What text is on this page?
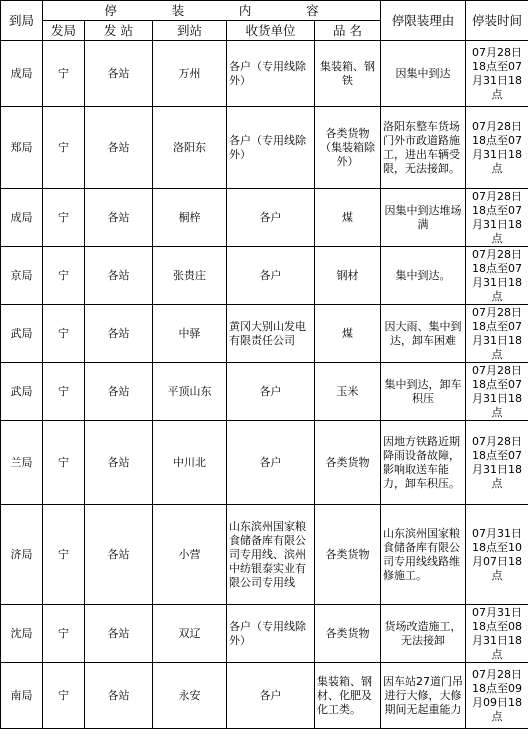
到局	停 装 内 容					停限装理由	停装时间
	发局	发 站	到站	收货单位	品 名		
成局	宁	各站	万州	各户（专用线除外）	集装箱、钢铁	因集中到达	07月28日18点至07月31日18点
郑局	宁	各站	洛阳东	各户（专用线除外）	各类货物（集装箱除外）	洛阳东整车货场门外市政道路施工，进出车辆受限，无法接卸。	07月28日18点至07月31日18点
成局	宁	各站	桐梓	各户	煤	因集中到达堆场满	07月28日18点至07月31日18点
京局	宁	各站	张贵庄	各户	钢材	集中到达。	07月28日18点至07月31日18点
武局	宁	各站	中驿	黄冈大别山发电有限责任公司	煤	因大雨、集中到达，卸车困难	07月28日18点至07月31日18点
武局	宁	各站	平顶山东	各户	玉米	集中到达，卸车积压	07月28日18点至07月31日18点
兰局	宁	各站	中川北	各户	各类货物	因地方铁路近期降雨设备故障，影响取送车能力，卸车积压。	07月28日18点至07月31日18点
济局	宁	各站	小营	山东滨州国家粮食储备库有限公司专用线、滨州中纺银泰实业有限公司专用线	各类货物	山东滨州国家粮食储备库有限公司专用线线路维修施工。	07月31日18点至10月07日18点
沈局	宁	各站	双辽	各户（专用线除外）	各类货物	货场改造施工，无法接卸	07月31日18点至08月31日18点
南局	宁	各站	永安	各户	集装箱、钢材、化肥及化工类。	因车站27道门吊进行大修，大修期间无起重能力	07月28日18点至09月09日18点
